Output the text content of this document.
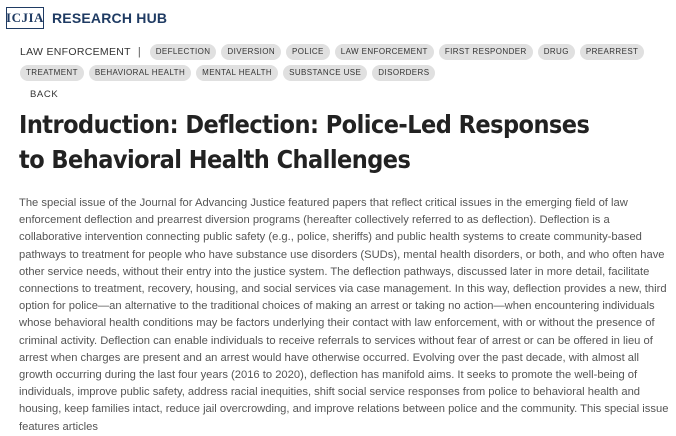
ICJIA RESEARCH HUB
LAW ENFORCEMENT |	DEFLECTION	DIVERSION	POLICE	LAW ENFORCEMENT	FIRST RESPONDER	DRUG	PREARREST
TREATMENT	BEHAVIORAL HEALTH	MENTAL HEALTH	SUBSTANCE USE	DISORDERS
BACK
Introduction: Deflection: Police-Led Responses to Behavioral Health Challenges

The special issue of the Journal for Advancing Justice featured papers that reflect critical issues in the emerging field of law enforcement deflection and prearrest diversion programs (hereafter collectively referred to as deflection). Deflection is a collaborative intervention connecting public safety (e.g., police, sheriffs) and public health systems to create community-based pathways to treatment for people who have substance use disorders (SUDs), mental health disorders, or both, and who often have other service needs, without their entry into the justice system. The deflection pathways, discussed later in more detail, facilitate connections to treatment, recovery, housing, and social services via case management. In this way, deflection provides a new, third option for police—an alternative to the traditional choices of making an arrest or taking no action—when encountering individuals whose behavioral health conditions may be factors underlying their contact with law enforcement, with or without the presence of criminal activity. Deflection can enable individuals to receive referrals to services without fear of arrest or can be offered in lieu of arrest when charges are present and an arrest would have otherwise occurred. Evolving over the past decade, with almost all growth occurring during the last four years (2016 to 2020), deflection has manifold aims. It seeks to promote the well-being of individuals, improve public safety, address racial inequities, shift social service responses from police to behavioral health and housing, keep families intact, reduce jail overcrowding, and improve relations between police and the community. This special issue features articles
